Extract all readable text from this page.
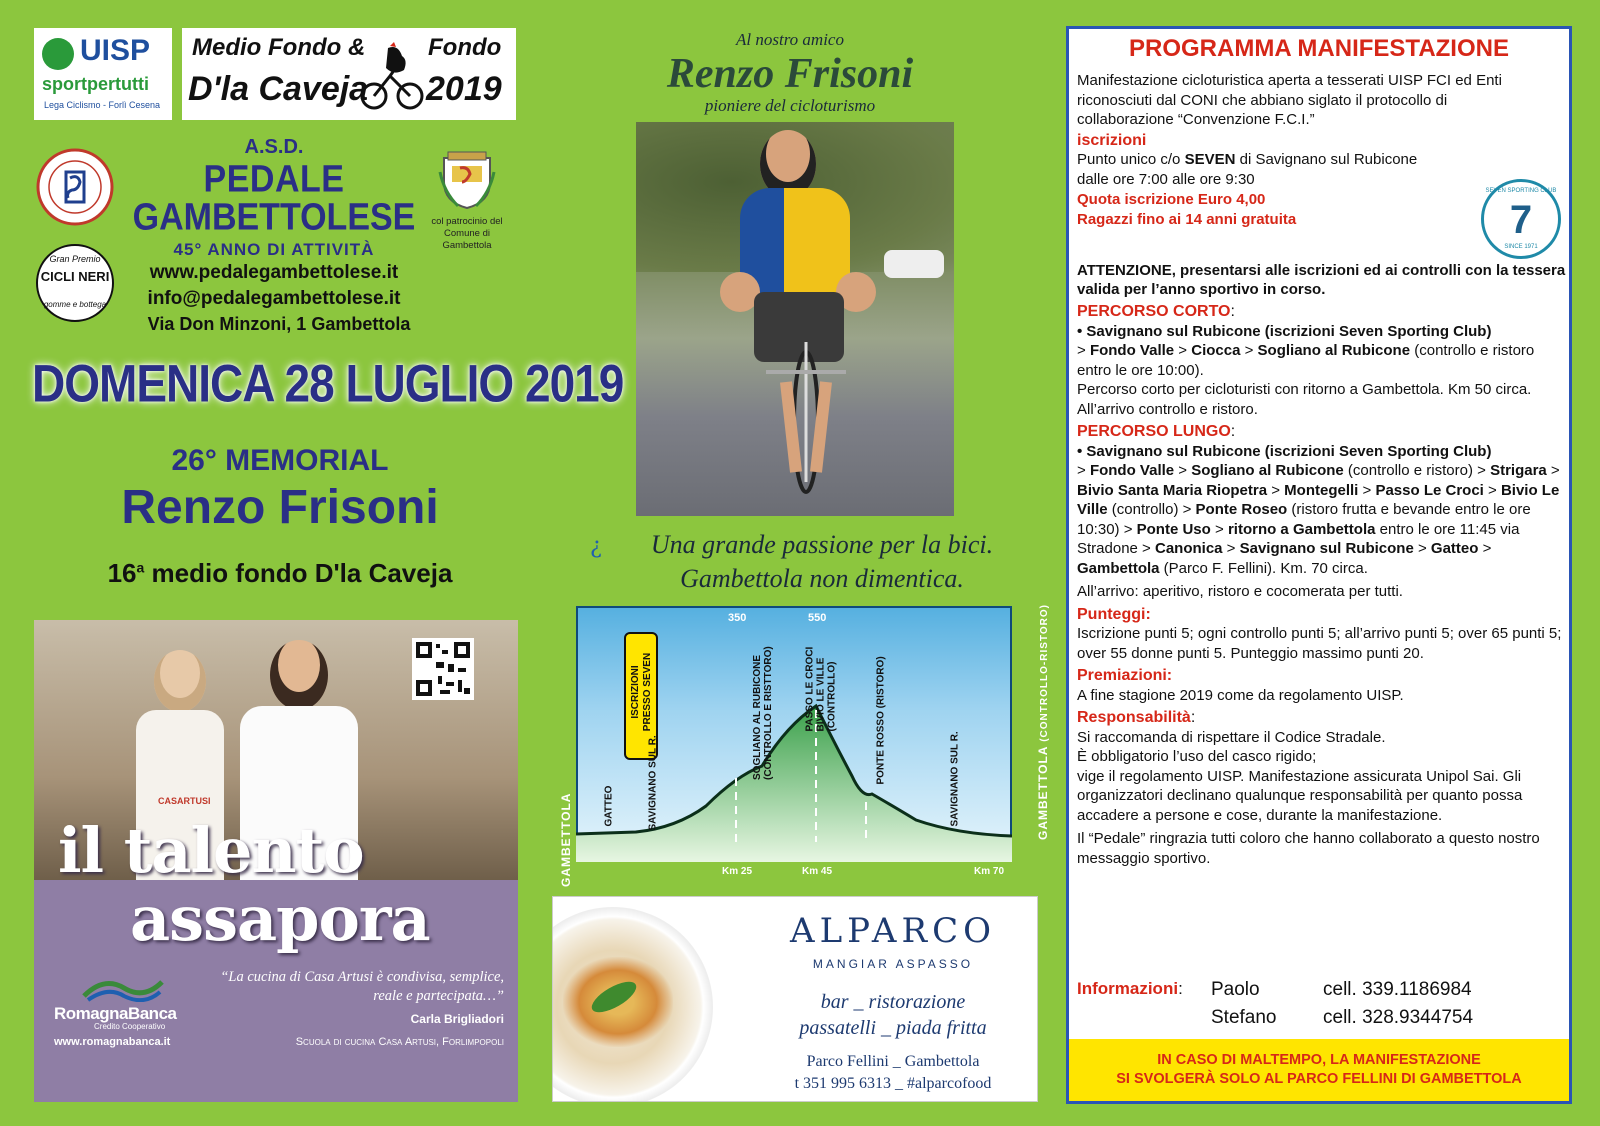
UISP
sportpertutti
Lega Ciclismo - Forlì Cesena
Medio Fondo &	Fondo
D'la Caveja 2019
Gran Premio
CICLI NERI
gomme e bottega
col patrocinio del Comune di Gambettola
A.S.D.
PEDALE
GAMBETTOLESE
45° ANNO DI ATTIVITÀ
www.pedalegambettolese.it
info@pedalegambettolese.it
Via Don Minzoni, 1 Gambettola
DOMENICA 28 LUGLIO 2019
26° MEMORIAL
Renzo Frisoni
16$^a$ medio fondo D'la Caveja
CASARTUSI
il talento
assapora
“La cucina di Casa Artusi è condivisa, semplice, reale e partecipata…”
Carla Brigliadori
Scuola di cucina Casa Artusi, Forlimpopoli
RomagnaBanca
Credito Cooperativo
www.romagnabanca.it
Al nostro amico
Renzo Frisoni
pioniere del cicloturismo
Una grande passione per la bici.
Gambettola non dimentica.
¿
350	550
Km 25	Km 45	Km 70
GAMBETTOLA	GAMBETTOLA (CONTROLLO-RISTORO)
ISCRIZIONI PRESSO SEVEN
GATTEO	SAVIGNANO SUL R.
SOGLIANO AL RUBICONE (CONTROLLO E RISTTORO)	PASSO LE CROCI BIVIO LE VILLE (CONTROLLO)	PONTE ROSSO (RISTORO)	SAVIGNANO SUL R.
ALPARCO
MANGIAR ASPASSO
bar _ ristorazione
passatelli _ piada fritta
Parco Fellini _ Gambettola
t 351 995 6313 _ #alparcofood
PROGRAMMA MANIFESTAZIONE

Manifestazione cicloturistica aperta a tesserati UISP FCI ed Enti riconosciuti dal CONI che abbiano siglato il protocollo di collaborazione “Convenzione F.C.I.”

iscrizioni

Punto unico c/o SEVEN di Savignano sul Rubicone

dalle ore 7:00 alle ore 9:30

Quota iscrizione Euro 4,00

Ragazzi fino ai 14 anni gratuita

SEVEN SPORTING CLUB
7
SINCE 1971

ATTENZIONE, presentarsi alle iscrizioni ed ai controlli con la tessera valida per l’anno sportivo in corso.

PERCORSO CORTO:

• Savignano sul Rubicone (iscrizioni Seven Sporting Club)

> Fondo Valle > Ciocca > Sogliano al Rubicone (controllo e ristoro entro le ore 10:00).

Percorso corto per cicloturisti con ritorno a Gambettola. Km 50 circa. All’arrivo controllo e ristoro.

PERCORSO LUNGO:

• Savignano sul Rubicone (iscrizioni Seven Sporting Club)

> Fondo Valle > Sogliano al Rubicone (controllo e ristoro) > Strigara > Bivio Santa Maria Riopetra > Montegelli > Passo Le Croci > Bivio Le Ville (controllo) > Ponte Roseo (ristoro frutta e bevande entro le ore 10:30) > Ponte Uso > ritorno a Gambettola entro le ore 11:45 via Stradone > Canonica > Savignano sul Rubicone > Gatteo > Gambettola (Parco F. Fellini). Km. 70 circa.

All’arrivo: aperitivo, ristoro e cocomerata per tutti.

Punteggi:

Iscrizione punti 5; ogni controllo punti 5; all’arrivo punti 5; over 65 punti 5; over 55 donne punti 5. Punteggio massimo punti 20.

Premiazioni:

A fine stagione 2019 come da regolamento UISP.

Responsabilità:

Si raccomanda di rispettare il Codice Stradale.

È obbligatorio l’uso del casco rigido;

vige il regolamento UISP. Manifestazione assicurata Unipol Sai. Gli organizzatori declinano qualunque responsabilità per quanto possa accadere a persone e cose, durante la manifestazione.

Il “Pedale” ringrazia tutti coloro che hanno collaborato a questo nostro messaggio sportivo.

Informazioni: Paolo	cell. 339.1186984
Stefano cell. 328.9344754
IN CASO DI MALTEMPO, LA MANIFESTAZIONE
SI SVOLGERÀ SOLO AL PARCO FELLINI DI GAMBETTOLA
